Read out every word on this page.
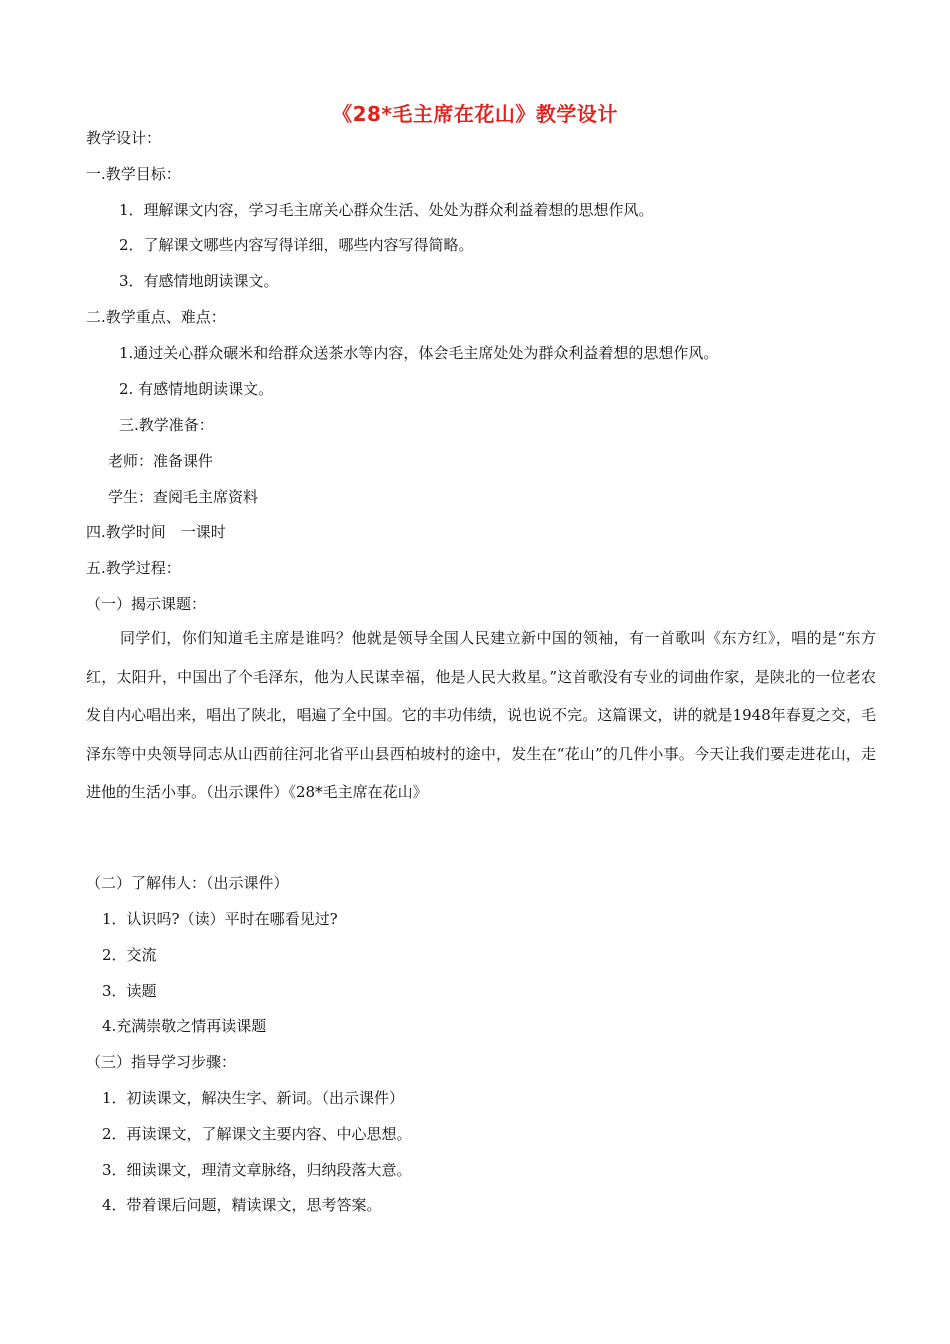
《28*毛主席在花山》教学设计
教学设计：
一.教学目标：
1．理解课文内容，学习毛主席关心群众生活、处处为群众利益着想的思想作风。
2．了解课文哪些内容写得详细，哪些内容写得简略。
3．有感情地朗读课文。
二.教学重点、难点：
1.通过关心群众碾米和给群众送茶水等内容，体会毛主席处处为群众利益着想的思想作风。
2. 有感情地朗读课文。
三.教学准备：
老师：准备课件
学生：查阅毛主席资料
四.教学时间　一课时
五.教学过程：
（一）揭示课题：
同学们，你们知道毛主席是谁吗？他就是领导全国人民建立新中国的领袖，有一首歌叫《东方红》，唱的是“东方红，太阳升，中国出了个毛泽东，他为人民谋幸福，他是人民大救星。”这首歌没有专业的词曲作家，是陕北的一位老农发自内心唱出来，唱出了陕北，唱遍了全中国。它的丰功伟绩，说也说不完。这篇课文，讲的就是1948年春夏之交，毛泽东等中央领导同志从山西前往河北省平山县西柏坡村的途中，发生在“花山”的几件小事。今天让我们要走进花山，走进他的生活小事。（出示课件）《28*毛主席在花山》
（二）了解伟人：（出示课件）
1．认识吗?（读）平时在哪看见过?
2．交流
3．读题
4.充满崇敬之情再读课题
（三）指导学习步骤：
1．初读课文，解决生字、新词。（出示课件）
2．再读课文，了解课文主要内容、中心思想。
3．细读课文，理清文章脉络，归纳段落大意。
4．带着课后问题，精读课文，思考答案。
